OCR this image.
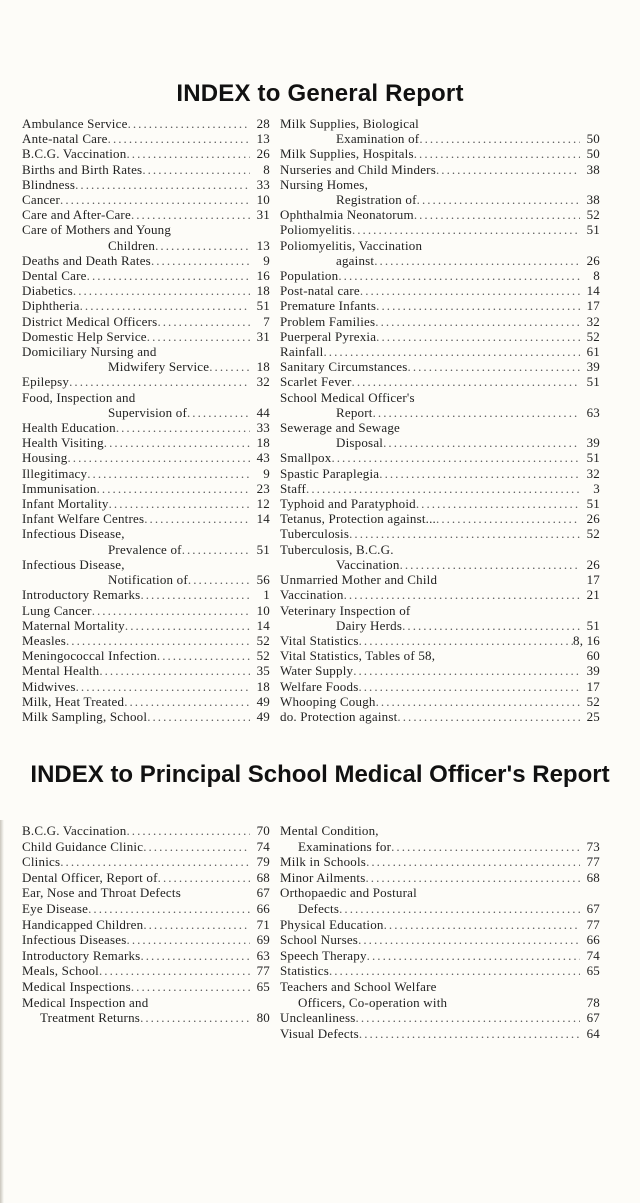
INDEX to General Report
Ambulance Service . . .	28
Ante-natal Care . . .	13
B.C.G. Vaccination . . .	26
Births and Birth Rates . . .	8
Blindness . . .	33
Cancer . . .	10
Care and After-Care . . .	31
Care of Mothers and Young
Children . . .	13
Deaths and Death Rates . . .	9
Dental Care . . .	16
Diabetics . . .	18
Diphtheria . . .	51
District Medical Officers . . .	7
Domestic Help Service . . .	31
Domiciliary Nursing and
Midwifery Service . . .	18
Epilepsy . . .	32
Food, Inspection and
Supervision of . . .	44
Health Education . . .	33
Health Visiting . . .	18
Housing . . .	43
Illegitimacy . . .	9
Immunisation . . .	23
Infant Mortality . . .	12
Infant Welfare Centres . . .	14
Infectious Disease,
Prevalence of . . .	51
Infectious Disease,
Notification of . . .	56
Introductory Remarks . . .	1
Lung Cancer . . .	10
Maternal Mortality . . .	14
Measles . . .	52
Meningococcal Infection . . .	52
Mental Health . . .	35
Midwives . . .	18
Milk, Heat Treated . . .	49
Milk Sampling, School . . .	49
Milk Supplies, Biological
Examination of . . .	50
Milk Supplies, Hospitals . . .	50
Nurseries and Child Minders . . .	38
Nursing Homes,
Registration of . . .	38
Ophthalmia Neonatorum . . .	52
Poliomyelitis . . .	51
Poliomyelitis, Vaccination
against . . .	26
Population . . .	8
Post-natal care . . .	14
Premature Infants . . .	17
Problem Families . . .	32
Puerperal Pyrexia . . .	52
Rainfall . . .	61
Sanitary Circumstances . . .	39
Scarlet Fever . . .	51
School Medical Officer's
Report . . .	63
Sewerage and Sewage
Disposal . . .	39
Smallpox . . .	51
Spastic Paraplegia . . .	32
Staff . . .	3
Typhoid and Paratyphoid . . .	51
Tetanus, Protection against... . . .	26
Tuberculosis . . .	52
Tuberculosis, B.C.G.
Vaccination . . .	26
Unmarried Mother and Child	17
Vaccination . . .	21
Veterinary Inspection of
Dairy Herds . . .	51
Vital Statistics . . .	8, 16
Vital Statistics, Tables of 58,	60
Water Supply . . .	39
Welfare Foods . . .	17
Whooping Cough . . .	52
do. Protection against . . .	25
INDEX to Principal School Medical Officer's Report
B.C.G. Vaccination . . .	70
Child Guidance Clinic . . .	74
Clinics . . .	79
Dental Officer, Report of . . .	68
Ear, Nose and Throat Defects	67
Eye Disease . . .	66
Handicapped Children . . .	71
Infectious Diseases . . .	69
Introductory Remarks . . .	63
Meals, School . . .	77
Medical Inspections . . .	65
Medical Inspection and
Treatment Returns . . .	80
Mental Condition,
Examinations for . . .	73
Milk in Schools . . .	77
Minor Ailments . . .	68
Orthopaedic and Postural
Defects . . .	67
Physical Education . . .	77
School Nurses . . .	66
Speech Therapy . . .	74
Statistics . . .	65
Teachers and School Welfare
Officers, Co-operation with	78
Uncleanliness . . .	67
Visual Defects . . .	64
